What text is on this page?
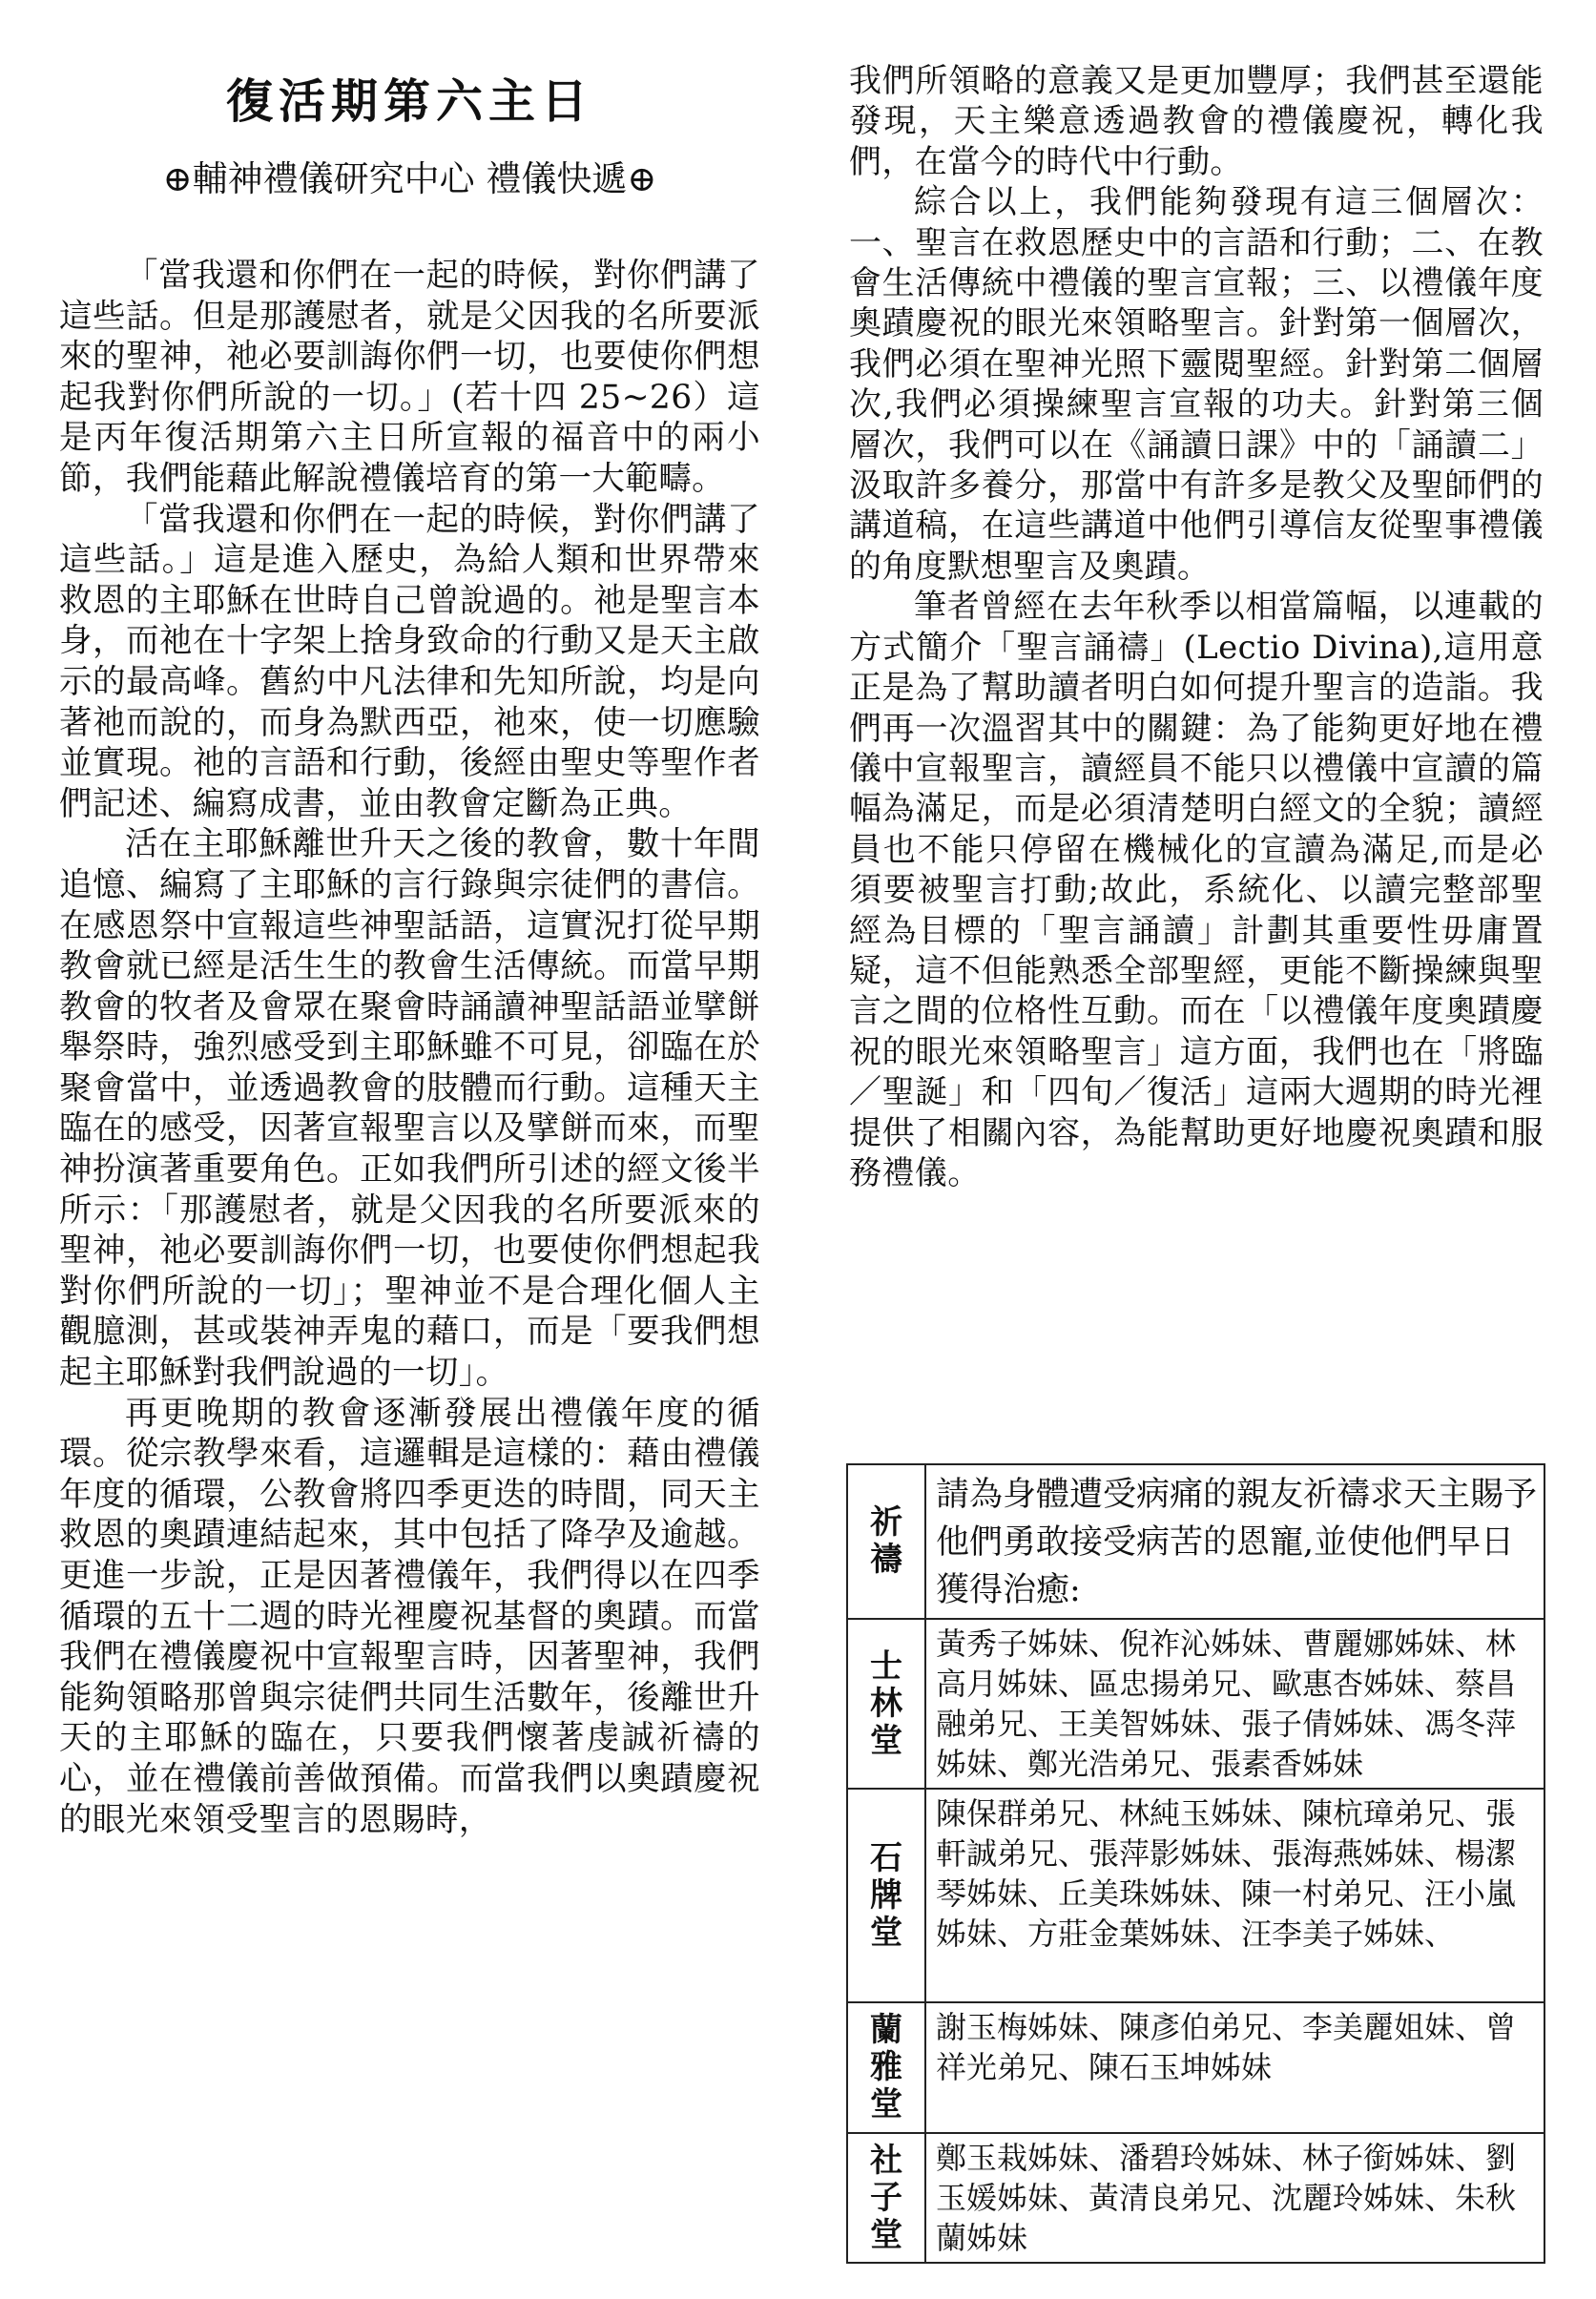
復活期第六主日
⊕輔神禮儀研究中心 禮儀快遞⊕

「當我還和你們在一起的時候，對你們講了這些話。但是那護慰者，就是父因我的名所要派來的聖神，祂必要訓誨你們一切，也要使你們想起我對你們所說的一切。」(若十四 25~26）這是丙年復活期第六主日所宣報的福音中的兩小節，我們能藉此解說禮儀培育的第一大範疇。

「當我還和你們在一起的時候，對你們講了這些話。」這是進入歷史，為給人類和世界帶來救恩的主耶穌在世時自己曾說過的。祂是聖言本身，而祂在十字架上捨身致命的行動又是天主啟示的最高峰。舊約中凡法律和先知所說，均是向著祂而說的，而身為默西亞，祂來，使一切應驗並實現。祂的言語和行動，後經由聖史等聖作者們記述、編寫成書，並由教會定斷為正典。

活在主耶穌離世升天之後的教會，數十年間追憶、編寫了主耶穌的言行錄與宗徒們的書信。在感恩祭中宣報這些神聖話語，這實況打從早期教會就已經是活生生的教會生活傳統。而當早期教會的牧者及會眾在聚會時誦讀神聖話語並擘餅舉祭時，強烈感受到主耶穌雖不可見，卻臨在於聚會當中，並透過教會的肢體而行動。這種天主臨在的感受，因著宣報聖言以及擘餅而來，而聖神扮演著重要角色。正如我們所引述的經文後半所示：「那護慰者，就是父因我的名所要派來的聖神，祂必要訓誨你們一切，也要使你們想起我對你們所說的一切」；聖神並不是合理化個人主觀臆測，甚或裝神弄鬼的藉口，而是「要我們想起主耶穌對我們說過的一切」。

再更晚期的教會逐漸發展出禮儀年度的循環。從宗教學來看，這邏輯是這樣的：藉由禮儀年度的循環，公教會將四季更迭的時間，同天主救恩的奧蹟連結起來，其中包括了降孕及逾越。更進一步說，正是因著禮儀年，我們得以在四季循環的五十二週的時光裡慶祝基督的奧蹟。而當我們在禮儀慶祝中宣報聖言時，因著聖神，我們能夠領略那曾與宗徒們共同生活數年，後離世升天的主耶穌的臨在，只要我們懷著虔誠祈禱的心，並在禮儀前善做預備。而當我們以奧蹟慶祝的眼光來領受聖言的恩賜時，

我們所領略的意義又是更加豐厚；我們甚至還能發現，天主樂意透過教會的禮儀慶祝，轉化我們，在當今的時代中行動。

綜合以上，我們能夠發現有這三個層次：一、聖言在救恩歷史中的言語和行動；二、在教會生活傳統中禮儀的聖言宣報；三、以禮儀年度奧蹟慶祝的眼光來領略聖言。針對第一個層次，我們必須在聖神光照下靈閱聖經。針對第二個層次,我們必須操練聖言宣報的功夫。針對第三個層次，我們可以在《誦讀日課》中的「誦讀二」汲取許多養分，那當中有許多是教父及聖師們的講道稿，在這些講道中他們引導信友從聖事禮儀的角度默想聖言及奧蹟。

筆者曾經在去年秋季以相當篇幅，以連載的方式簡介「聖言誦禱」(Lectio Divina),這用意正是為了幫助讀者明白如何提升聖言的造詣。我們再一次溫習其中的關鍵：為了能夠更好地在禮儀中宣報聖言，讀經員不能只以禮儀中宣讀的篇幅為滿足，而是必須清楚明白經文的全貌；讀經員也不能只停留在機械化的宣讀為滿足,而是必須要被聖言打動;故此，系統化、以讀完整部聖經為目標的「聖言誦讀」計劃其重要性毋庸置疑，這不但能熟悉全部聖經，更能不斷操練與聖言之間的位格性互動。而在「以禮儀年度奧蹟慶祝的眼光來領略聖言」這方面，我們也在「將臨／聖誕」和「四旬／復活」這兩大週期的時光裡提供了相關內容，為能幫助更好地慶祝奧蹟和服務禮儀。

祈禱	請為身體遭受病痛的親友祈禱求天主賜予他們勇敢接受病苦的恩寵,並使他們早日獲得治癒:

士林堂	黃秀子姊妹、倪祚沁姊妹、曹麗娜姊妹、林高月姊妹、區忠揚弟兄、歐惠杏姊妹、蔡昌融弟兄、王美智姊妹、張子倩姊妹、馮冬萍姊妹、鄭光浩弟兄、張素香姊妹

石牌堂	陳保群弟兄、林純玉姊妹、陳杭璋弟兄、張軒誠弟兄、張萍影姊妹、張海燕姊妹、楊潔琴姊妹、丘美珠姊妹、陳一村弟兄、汪小嵐姊妹、方莊金葉姊妹、汪李美子姊妹、

蘭雅堂	謝玉梅姊妹、陳彥伯弟兄、李美麗姐妹、曾祥光弟兄、陳石玉坤姊妹

社子堂	鄭玉栽姊妹、潘碧玲姊妹、林子銜姊妹、劉玉媛姊妹、黃清良弟兄、沈麗玲姊妹、朱秋蘭姊妹
